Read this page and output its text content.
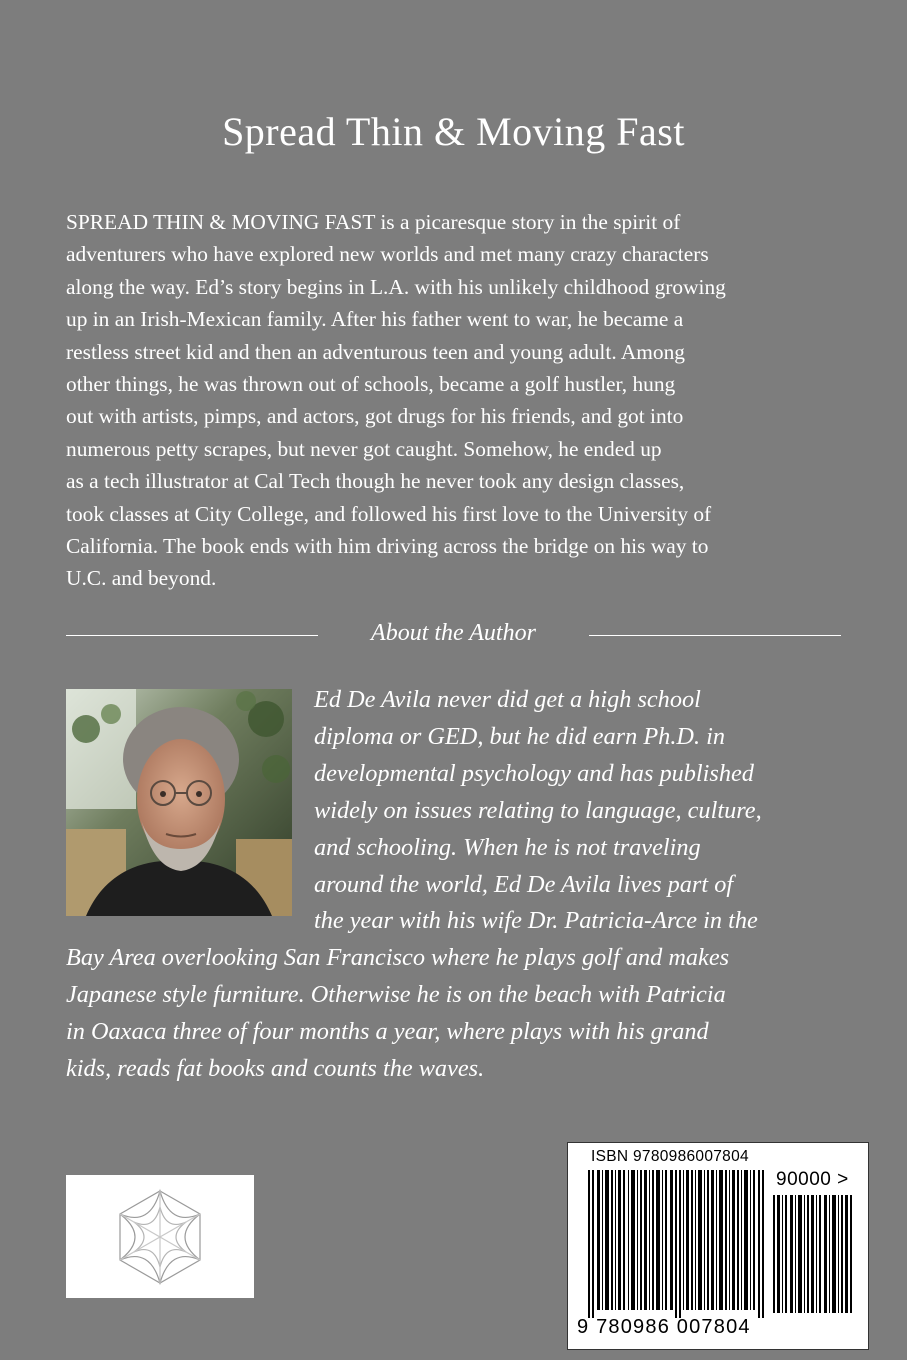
Spread Thin & Moving Fast
SPREAD THIN & MOVING FAST is a picaresque story in the spirit of
adventurers who have explored new worlds and met many crazy characters
along the way. Ed’s story begins in L.A. with his unlikely childhood growing
up in an Irish-Mexican family. After his father went to war, he became a
restless street kid and then an adventurous teen and young adult. Among
other things, he was thrown out of schools, became a golf hustler, hung
out with artists, pimps, and actors, got drugs for his friends, and got into
numerous petty scrapes, but never got caught. Somehow, he ended up
as a tech illustrator at Cal Tech though he never took any design classes,
took classes at City College, and followed his first love to the University of
California. The book ends with him driving across the bridge on his way to
U.C. and beyond.
About the Author
Ed De Avila never did get a high school
diploma or GED, but he did earn Ph.D. in
developmental psychology and has published
widely on issues relating to language, culture,
and schooling. When he is not traveling
around the world, Ed De Avila lives part of
the year with his wife Dr. Patricia-Arce in the
Bay Area overlooking San Francisco where he plays golf and makes
Japanese style furniture. Otherwise he is on the beach with Patricia
in Oaxaca three of four months a year, where plays with his grand
kids, reads fat books and counts the waves.
ISBN 9780986007804
90000 >
9 780986 007804
